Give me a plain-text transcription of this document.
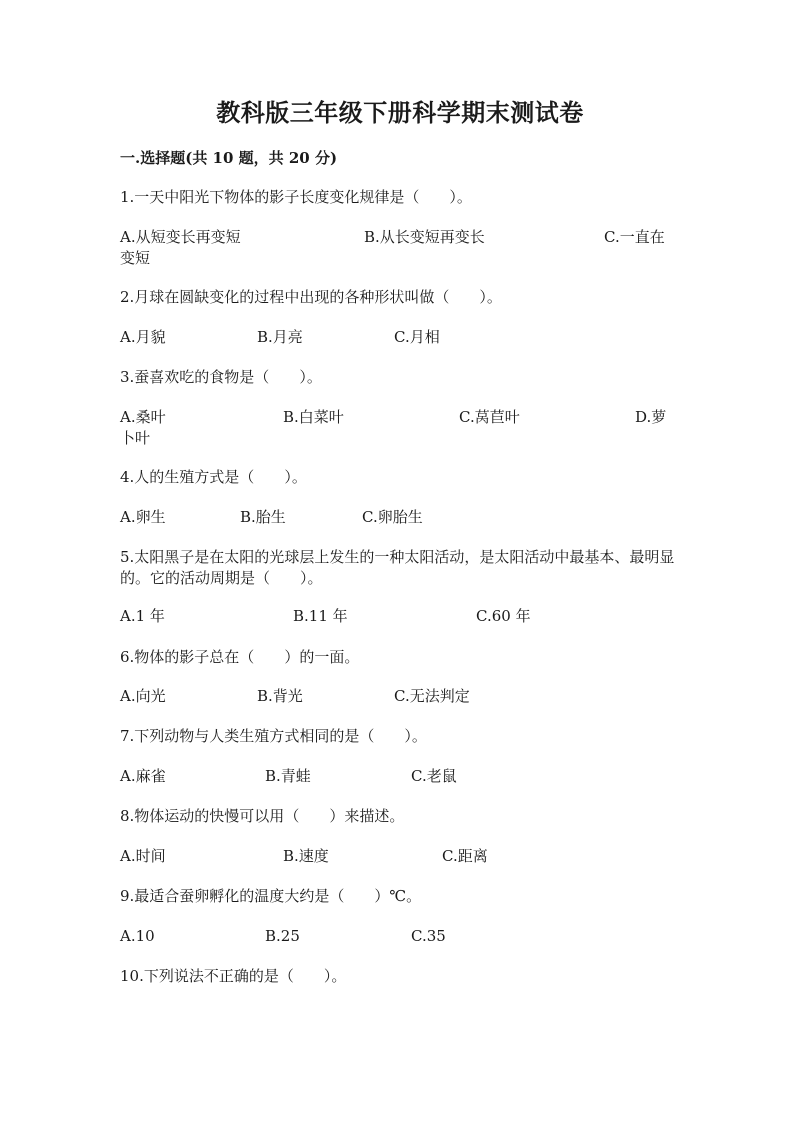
教科版三年级下册科学期末测试卷
一.选择题(共 10 题，共 20 分)
1.一天中阳光下物体的影子长度变化规律是（　　）。
A.从短变长再变短	B.从长变短再变长	C.一直在
变短
2.月球在圆缺变化的过程中出现的各种形状叫做（　　）。
A.月貌	B.月亮	C.月相
3.蚕喜欢吃的食物是（　　）。
A.桑叶	B.白菜叶	C.莴苣叶	D.萝
卜叶
4.人的生殖方式是（　　）。
A.卵生	B.胎生	C.卵胎生
5.太阳黑子是在太阳的光球层上发生的一种太阳活动，是太阳活动中最基本、最明显的。它的活动周期是（　　）。
A.1 年	B.11 年	C.60 年
6.物体的影子总在（　　）的一面。
A.向光	B.背光	C.无法判定
7.下列动物与人类生殖方式相同的是（　　）。
A.麻雀	B.青蛙	C.老鼠
8.物体运动的快慢可以用（　　）来描述。
A.时间	B.速度	C.距离
9.最适合蚕卵孵化的温度大约是（　　）℃。
A.10	B.25	C.35
10.下列说法不正确的是（　　）。
